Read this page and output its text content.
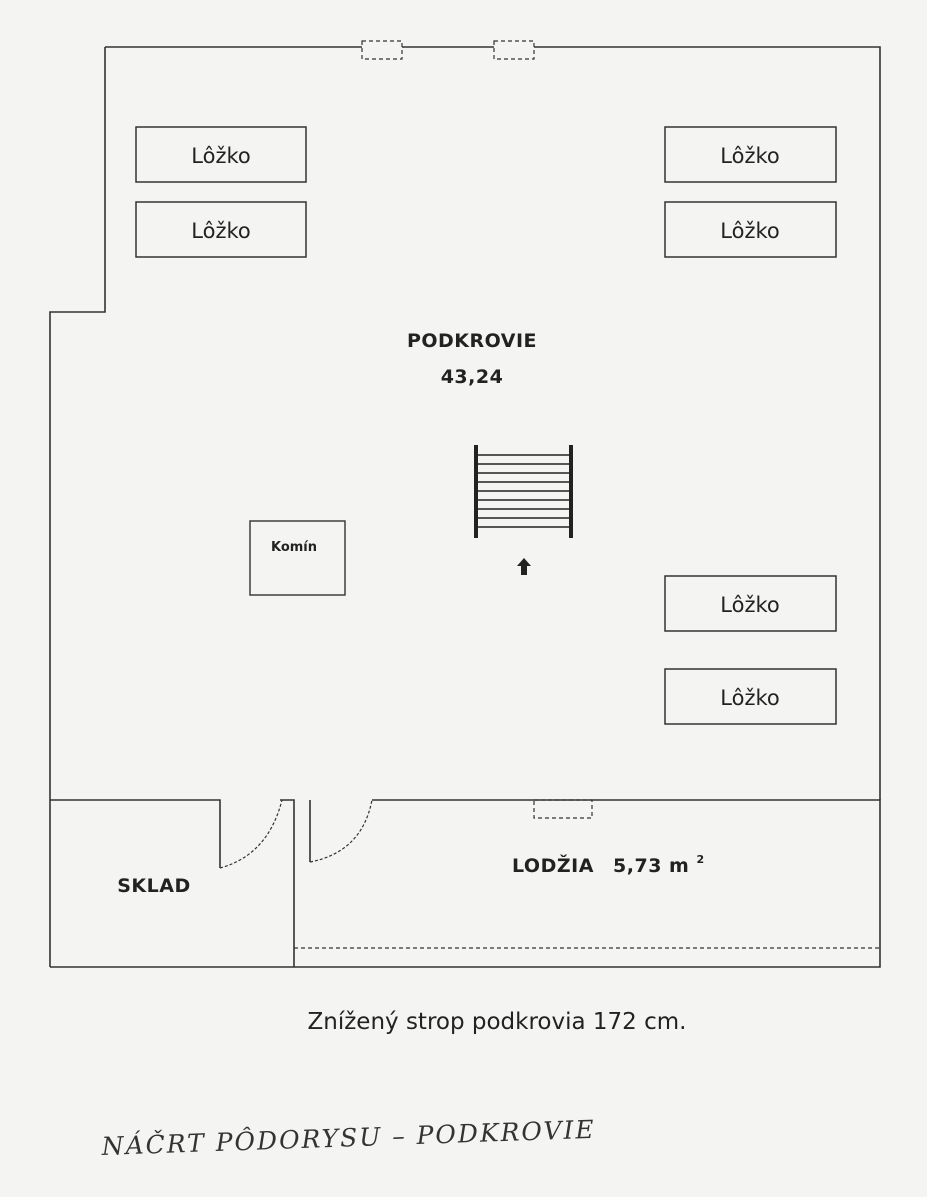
Lôžko
Lôžko
Lôžko
Lôžko
Lôžko
Lôžko
PODKROVIE
43,24
Komín
SKLAD
LODŽIA 5,73 m $^2$
Znížený strop podkrovia 172 cm.
NÁČRT PÔDORYSU – PODKROVIE
